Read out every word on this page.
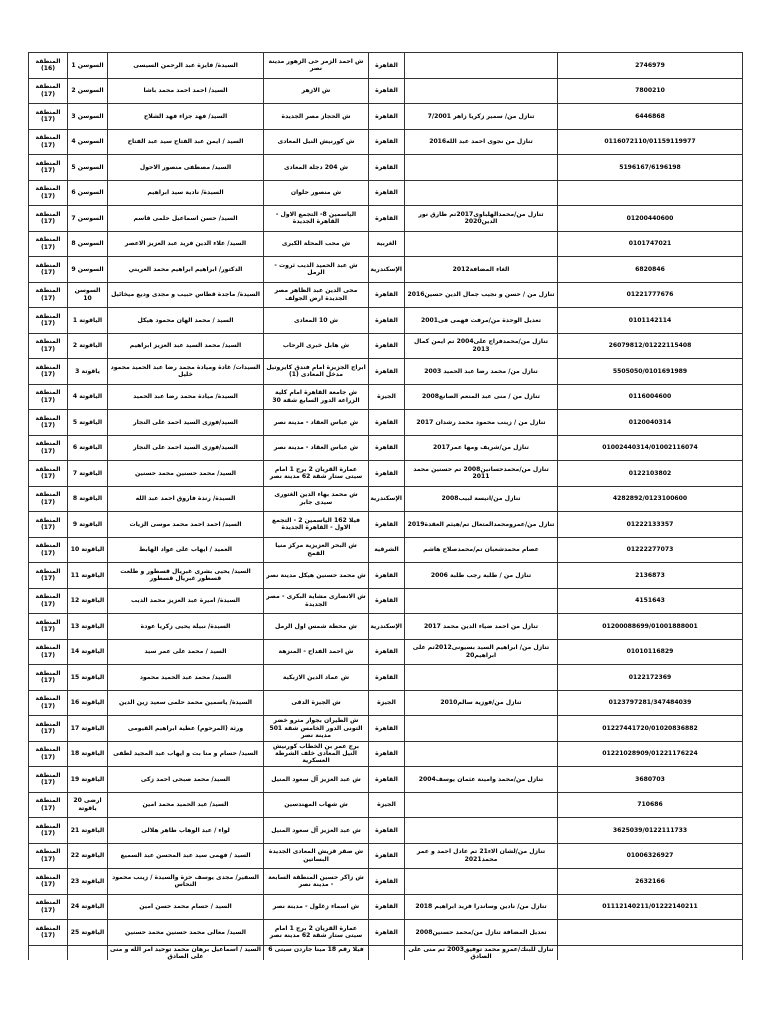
المنطقة (16)	السوسن 1	السيدة/ فايزة عبد الرحمن السيسى	ش احمد الزمر حى الزهور مدينة نصر	القاهرة		2746979
المنطقة (17)	السوسن 2	السيد/ احمد احمد محمد باشا	ش الازهر	القاهرة		7800210
المنطقة (17)	السوسن 3	السيد/ فهد جزاء فهد الشلاح	ش الحجاز مصر الجديدة	القاهرة	تنازل من/ سمير زكريا زاهر 7/2001	6446868
المنطقة (17)	السوسن 4	السيد / ايمن عبد الفتاح سيد عبد الفتاح	ش كورنيش النيل المعادى	القاهرة	تنازل من نجوى احمد عبد الله2016	0116072110/01159119977
المنطقة (17)	السوسن 5	السيد/ مصطفى منصور الاحول	ش 204 دجلة المعادى	القاهرة		5196167/6196198
المنطقة (17)	السوسن 6	السيدة/ نادية سيد ابراهيم	ش منصور حلوان	القاهرة		
المنطقة (17)	السوسن 7	السيد/ حسن اسماعيل حلمى قاسم	الياسمين 8- التجمع الاول - القاهرة الجديدة	القاهرة	تنازل من/محمدالهلباوى2017تم طارق نور الدين2020	01200440600
المنطقة (17)	السوسن 8	السيد/ علاء الدين فريد عبد العزيز الاعصر	ش محب المحلة الكبرى	الغربية		0101747021
المنطقة (17)	السوسن 9	الدكتور/ ابراهيم ابراهيم محمد العريني	ش عبد الحميد الديب ثروت - الرمل	الإسكندرية	الغاء المضافة2012	6820846
المنطقة (17)	السوسن 10	السيدة/ ماجدة قطاس حبيب و مجدى وديع ميخائيل	محى الدين عبد الظاهر مصر الجديدة ارض الجولف	القاهرة	تنازل من / حسن و نجيب جمال الدين حسين2016	01221777676
المنطقة (17)	الياقوتة 1	السيد / محمد الهان محمود هيكل	ش 10 المعادى	القاهرة	تعديل الوحدة من/مرفت فهمى فى2001	0101142114
المنطقة (17)	الياقوتة 2	السيد/ محمد السيد عبد العزيز ابراهيم	ش هابل خبرى الرحاب	القاهرة	تنازل من/محمدفراج على2004 تم ايمن كمال 2013	26079812/01222115408
المنطقة (17)	ياقوتة 3	السيدات/ غادة وميادة محمد رضا عبد الحميد محمود خليل	ابراج الجزيرة امام فندق كايروتيل مدخل المعادى (1)	القاهرة	تنازل من/ محمد رضا عبد الحميد 2003	5505050/0101691989
المنطقة (17)	الياقوتة 4	السيدة/ ميادة محمد رضا عبد الحميد	ش جامعة القاهرة امام كلية الزراعة الدور السابع شقة 30	الجيزة	تنازل من / منى عبد المنعم الصانع2008	0116004600
المنطقة (17)	الياقوتة 5	السيد/فوزى السيد احمد على النجار	ش عباس العقاد - مدينة نصر	القاهرة	تنازل من / زينب محمود محمد رشدان 2017	0120040314
المنطقة (17)	الياقوتة 6	السيد/فوزى السيد احمد على النجار	ش عباس العقاد - مدينة نصر	القاهرة	تنازل من/شريف ومها عمر2017	01002440314/01002116074
المنطقة (17)	الياقوتة 7	السيد/ محمد حسنين محمد حسنين	عمارة القريان 2 برج 1 امام سيتى ستار شقة 62 مدينة نصر	القاهرة	تنازل من/محمدحسانين2008 تم حسنين محمد 2011	0122103802
المنطقة (17)	الياقوتة 8	السيدة/ رندة فاروق احمد عبد الله	ش محمد بهاء الدين الغتورى سيدى جابر	الإسكندرية	تنازل من/انيسة لبيب2008	4282892/0123100600
المنطقة (17)	الياقوتة 9	السيد/ احمد احمد محمد موسى الزيات	فيلا 162 الياسمين 2 - التجمع الاول - القاهرة الجديدة	القاهرة	تنازل من/عمرومحمدالمتعال تم/هيثم العقدة2019	01222133357
المنطقة (17)	الياقوتة 10	العميد / ايهاب على عواد الهابط	ش البحر العزيزية مركز منيا القمح	الشرقية	عصام محمدشعبان تم/محمدصلاح هاشم	01222277073
المنطقة (17)	الياقوتة 11	السيد/ يحيى بشرى غبريال قسطور و طلعت قسطور غبريال قسطور	ش محمد حسنين هيكل مدينة نصر	القاهرة	تنازل من / طلبة رجب طلبة 2006	2136873
المنطقة (17)	الياقوتة 12	السيدة/ اميرة عبد العزيز محمد الديب	ش الانصارى مشاية البكرى - مصر الجديدة	القاهرة		4151643
المنطقة (17)	الياقوتة 13	السيدة/ نبيلة يحيى زكريا عودة	ش محطة شمس اول الرمل	الإسكندرية	تنازل من احمد ضياء الدين محمد 2017	01200088699/01001888001
المنطقة (17)	الياقوتة 14	السيد / محمد على عمر سيد	ش احمد الفداح - المنزهة	القاهرة	تنازل من/ ابراهيم السيد بسيونى2012تم على ابراهيم20	01010116829
المنطقة (17)	الياقوتة 15	السيد/ محمد عبد الحميد محمود	ش عماد الدين الازبكية	القاهرة		0122172369
المنطقة (17)	الياقوتة 16	السيدة/ ياسمين محمد حلمى سعيد زين الدين	ش الجيزة الدقى	الجيزة	تنازل من/فوزية سالم2010	0123797281/347484039
المنطقة (17)	الياقوتة 17	ورثة (المرحوم) عطية ابراهيم القيومى	ش الطيران بجوار مترو خضر التونى الدور الخامس شقة 501 مدينة نصر	القاهرة		01227441720/01020836882
المنطقة (17)	الياقوتة 18	السيد/ حسام و منا بت و ايهاب عبد المجيد لطفى	برج عمر بن الخطاب كورنيش النيل المعادى خلف الشرطة العسكرية	القاهرة		01221028909/01221176224
المنطقة (17)	الياقوتة 19	السيد/ محمد صبحى احمد زكى	ش عبد العزيز آل سعود المنيل	القاهرة	تنازل من/محمد وامينة عثمان يوسف2004	3680703
المنطقة (17)	ارضى 20 ياقوتة	السيد/ عبد الحميد محمد امين	ش شهاب المهندسين	الجيزة		710686
المنطقة (17)	الياقوتة 21	لواء / عبد الوهاب طاهر هلالى	ش عبد العزيز آل سعود المنيل	القاهرة		3625039/0122111733
المنطقة (17)	الياقوتة 22	السيد / فهمى سيد عبد المحسن عبد السميع	ش صقر قريش المعادى الجديدة البساتين	القاهرة	تنازل من/لشان الاء21 تم عادل احمد و عمر محمد2021	01006326927
المنطقة (17)	الياقوتة 23	السفير/ مجدى يوسف حزة والسيدة / زينب محمود النحاس	ش زاكر حسين المنطقة السابعة - مدينة نصر	القاهرة		2632166
المنطقة (17)	الياقوتة 24	السيد / حسام محمد حسن امين	ش اسماء زغلول - مدينة نصر	القاهرة	تنازل من/ نادين وساندرا فريد ابراهيم 2018	01112140211/01222140211
المنطقة (17)	الياقوتة 25	السيد/ معالى محمد حسنين محمد حسنين	عمارة القريان 2 برج 1 امام سيتى ستار شقة 62 مدينة نصر	القاهرة	تعديل المضافة تنازل من/محمد حسنين2008	
		السيد / اسماعيل برهان محمد توحيد امر الله و منى على الصادق	فيلا رقم 18 مينا جاردن سيتى 6		تنازل للبنك/عمرو محمد توفيق2003 تم منى على الصادق	
